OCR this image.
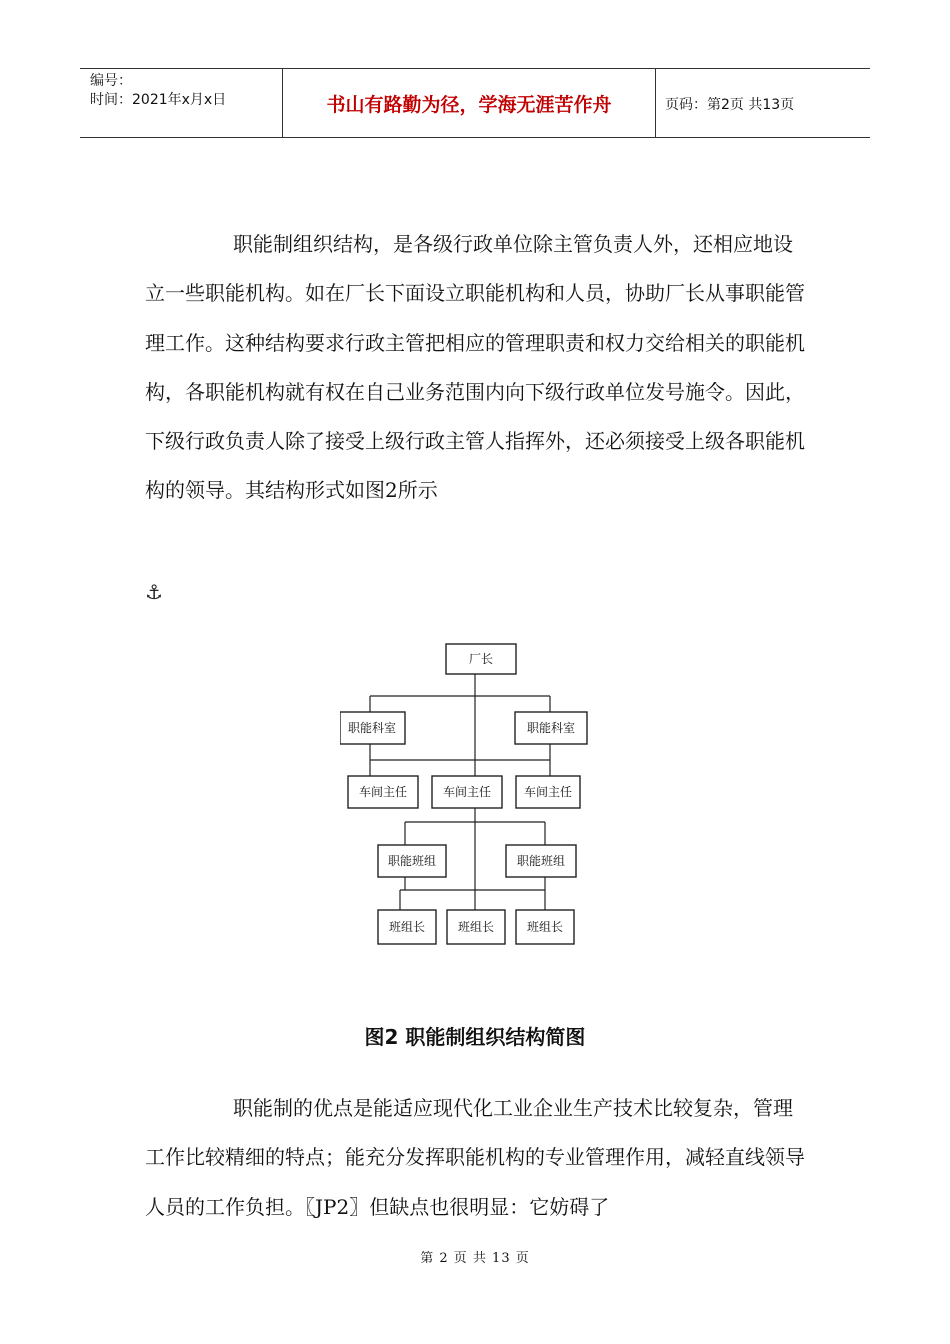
编号：
时间：2021年x月x日	书山有路勤为径，学海无涯苦作舟	页码：第2页 共13页
职能制组织结构，是各级行政单位除主管负责人外，还相应地设立一些职能机构。如在厂长下面设立职能机构和人员，协助厂长从事职能管理工作。这种结构要求行政主管把相应的管理职责和权力交给相关的职能机构，各职能机构就有权在自己业务范围内向下级行政单位发号施令。因此，下级行政负责人除了接受上级行政主管人指挥外，还必须接受上级各职能机构的领导。其结构形式如图2所示
⚓︎
厂长
职能科室	职能科室
车间主任	车间主任	车间主任
职能班组	职能班组
班组长	班组长	班组长
图2 职能制组织结构简图
职能制的优点是能适应现代化工业企业生产技术比较复杂，管理工作比较精细的特点；能充分发挥职能机构的专业管理作用，减轻直线领导人员的工作负担。〖JP2〗但缺点也很明显：它妨碍了
第 2 页 共 13 页
